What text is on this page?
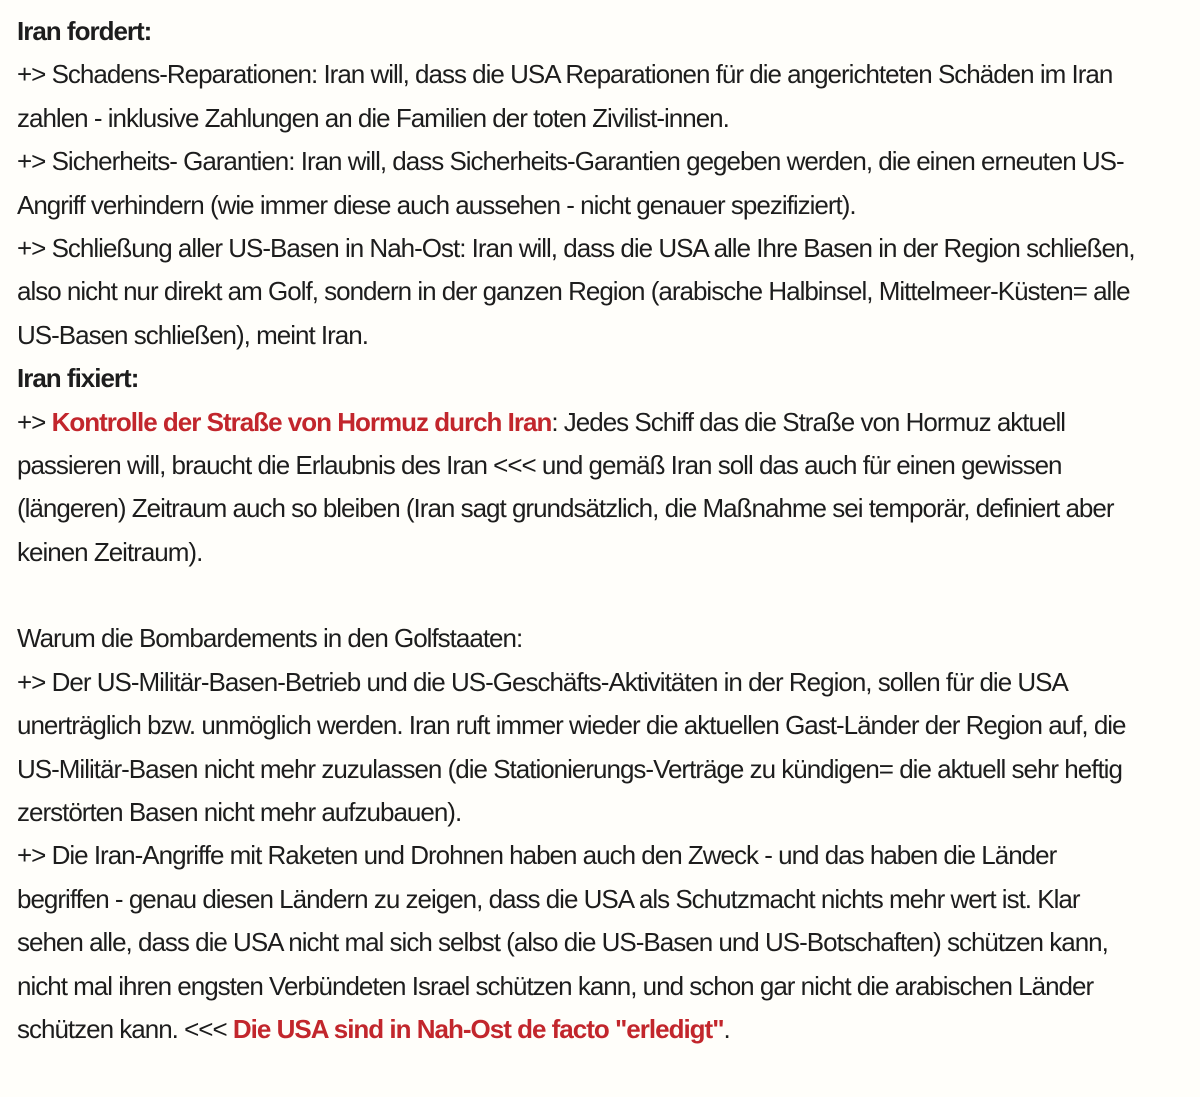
Iran fordert:
+> Schadens-Reparationen: Iran will, dass die USA Reparationen für die angerichteten Schäden im Iran
zahlen - inklusive Zahlungen an die Familien der toten Zivilist-innen.
+> Sicherheits- Garantien: Iran will, dass Sicherheits-Garantien gegeben werden, die einen erneuten US-
Angriff verhindern (wie immer diese auch aussehen - nicht genauer spezifiziert).
+> Schließung aller US-Basen in Nah-Ost: Iran will, dass die USA alle Ihre Basen in der Region schließen,
also nicht nur direkt am Golf, sondern in der ganzen Region (arabische Halbinsel, Mittelmeer-Küsten= alle
US-Basen schließen), meint Iran.
Iran fixiert:
+> Kontrolle der Straße von Hormuz durch Iran: Jedes Schiff das die Straße von Hormuz aktuell
passieren will, braucht die Erlaubnis des Iran <<< und gemäß Iran soll das auch für einen gewissen
(längeren) Zeitraum auch so bleiben (Iran sagt grundsätzlich, die Maßnahme sei temporär, definiert aber
keinen Zeitraum).
Warum die Bombardements in den Golfstaaten:
+> Der US-Militär-Basen-Betrieb und die US-Geschäfts-Aktivitäten in der Region, sollen für die USA
unerträglich bzw. unmöglich werden. Iran ruft immer wieder die aktuellen Gast-Länder der Region auf, die
US-Militär-Basen nicht mehr zuzulassen (die Stationierungs-Verträge zu kündigen= die aktuell sehr heftig
zerstörten Basen nicht mehr aufzubauen).
+> Die Iran-Angriffe mit Raketen und Drohnen haben auch den Zweck - und das haben die Länder
begriffen - genau diesen Ländern zu zeigen, dass die USA als Schutzmacht nichts mehr wert ist. Klar
sehen alle, dass die USA nicht mal sich selbst (also die US-Basen und US-Botschaften) schützen kann,
nicht mal ihren engsten Verbündeten Israel schützen kann, und schon gar nicht die arabischen Länder
schützen kann. <<< Die USA sind in Nah-Ost de facto "erledigt".
